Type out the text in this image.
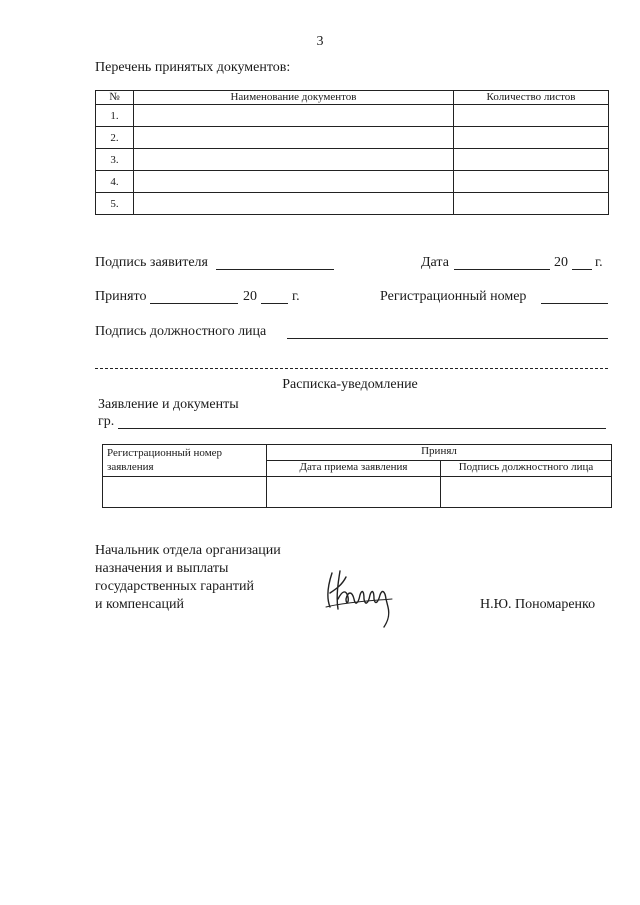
3
Перечень принятых документов:
№	Наименование документов	Количество листов
1.		
2.		
3.		
4.		
5.		
Подпись заявителя	Дата	20 г.
Принято	20	г.	Регистрационный номер
Подпись должностного лица
Расписка-уведомление
Заявление и документы
гр.
Регистрационный номер
заявления	Принял	
	Дата приема заявления	Подпись должностного лица

Начальник отдела организации
назначения и выплаты
государственных гарантий
и компенсаций	Н.Ю. Пономаренко
